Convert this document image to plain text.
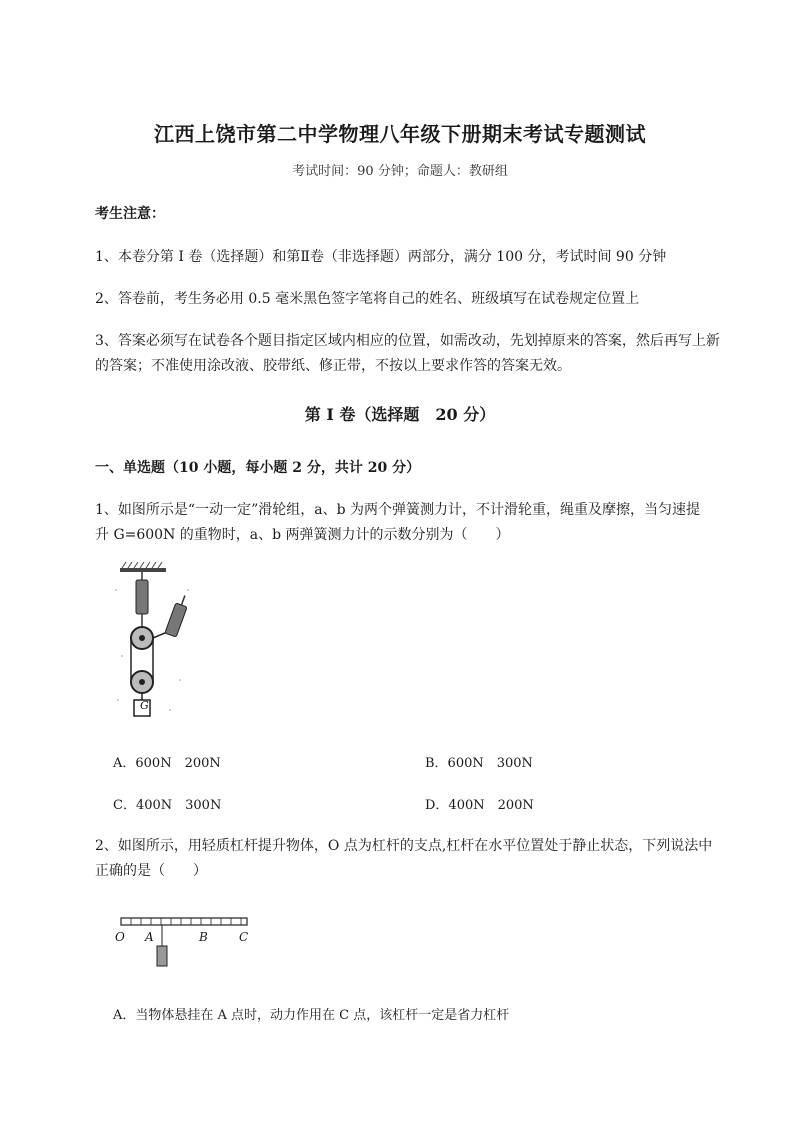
江西上饶市第二中学物理八年级下册期末考试专题测试
考试时间：90 分钟；命题人：教研组
考生注意：
1、本卷分第 I 卷（选择题）和第Ⅱ卷（非选择题）两部分，满分 100 分，考试时间 90 分钟
2、答卷前，考生务必用 0.5 毫米黑色签字笔将自己的姓名、班级填写在试卷规定位置上
3、答案必须写在试卷各个题目指定区域内相应的位置，如需改动，先划掉原来的答案，然后再写上新
的答案；不准使用涂改液、胶带纸、修正带，不按以上要求作答的答案无效。
第 I 卷（选择题　20 分）
一、单选题（10 小题，每小题 2 分，共计 20 分）
1、如图所示是“一动一定”滑轮组，a、b 为两个弹簧测力计，不计滑轮重，绳重及摩擦，当匀速提
升 G=600N 的重物时，a、b 两弹簧测力计的示数分别为（　　）
G
A．600N　200N	B．600N　300N
C．400N　300N	D．400N　200N
2、如图所示，用轻质杠杆提升物体，O 点为杠杆的支点,杠杆在水平位置处于静止状态，下列说法中
正确的是（　　）
O A	B	C
A．当物体悬挂在 A 点时，动力作用在 C 点，该杠杆一定是省力杠杆
